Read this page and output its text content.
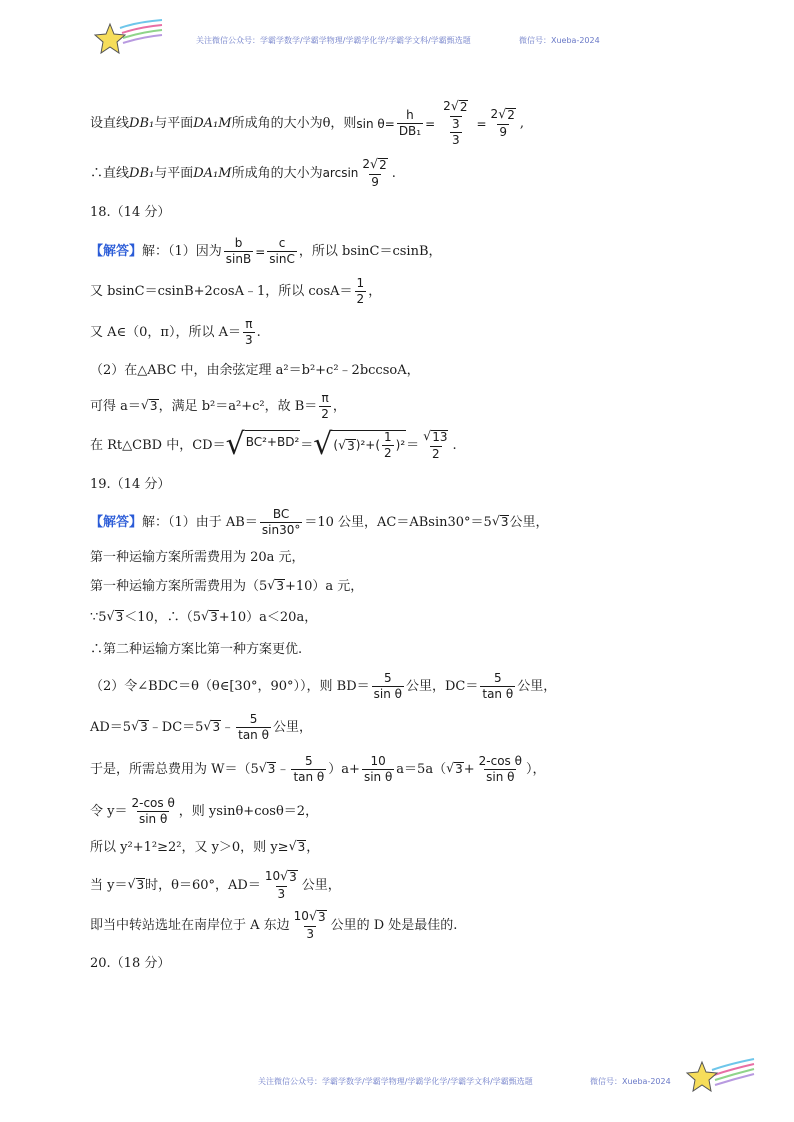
关注微信公众号：学霸学数学/学霸学物理/学霸学化学/学霸学文科/学霸甄选题	微信号：Xueba-2024
设直线 DB₁ 与平面 DA₁M 所成角的大小为θ，则 $\sin \theta = \frac{h}{\text{DB₁}} = \frac{\frac{2 √ 2}{3}}{3} = \frac{2 √ 2}{9}$ ,
∴直线 DB₁ 与平面 DA₁M 所成角的大小为 $\arcsin \frac{2 √ 2}{9}$ .
18.（14 分）
【解答】 解：（1）因为 $\frac{b}{\sin B} = \frac{c}{\sin C}$ ，所以 bsinC＝csinB，
又 bsinC＝csinB+2cosA﹣1，所以 $\cos A= \frac{1}{2}$ ，
又 A∈（0，π），所以 $A= \frac{\pi}{3}$ .
（2）在△ABC 中，由余弦定理 a²＝b²+c²﹣2bccsoA，
可得 a＝ √ 3 ，满足 b²＝a²+c²，故 $B= \frac{\pi}{2}$ ，
在 Rt△CBD 中，CD＝ √ BC²+BD² ＝ √ ( √ 3 ) ² + ( $\frac{1}{2}$ ) $^2 = \frac{√ 13}{2}$ .
19.（14 分）
【解答】 解：（1）由于 $AB= \frac{BC}{\sin 30^\circ} =10$ 公里，AC＝ABsin30°＝5 √ 3 公里，
第一种运输方案所需费用为 20a 元，
第一种运输方案所需费用为（5 √ 3 +10）a 元，
∵5 √ 3 ＜10，∴（5 √ 3 +10）a＜20a，
∴第二种运输方案比第一种方案更优.
（2）令∠BDC＝θ（θ∈[30°，90°）），则 $BD= \frac{5}{\text{sin θ}}$ 公里，$DC= \frac{5}{\text{tan θ}}$ 公里，
AD＝5 √ 3 ﹣DC＝5 √ 3 ﹣ $\frac{5}{\text{tan θ}}$ 公里，
于是，所需总费用为 W＝（5 √ 3 ﹣ $\frac{5}{\text{tan θ}} )a+ \frac{10}{\text{sin θ}} a=5a$（ √ $3 + \frac{\text{2-cos θ}}{\text{sin θ}}$ ），
令 $y= \frac{\text{2-cos θ}}{\text{sin θ}}$ ，则 ysinθ+cosθ＝2，
所以 y²+1²≥2²，又 y＞0，则 y≥ √ 3 ，
当 y＝ √ 3 时，θ＝60°，$AD= \frac{10 √ 3}{3}$ 公里，
即当中转站选址在南岸位于 A 东边 $\frac{10 √ 3}{3}$ 公里的 D 处是最佳的.
20.（18 分）
关注微信公众号：学霸学数学/学霸学物理/学霸学化学/学霸学文科/学霸甄选题	微信号：Xueba-2024
